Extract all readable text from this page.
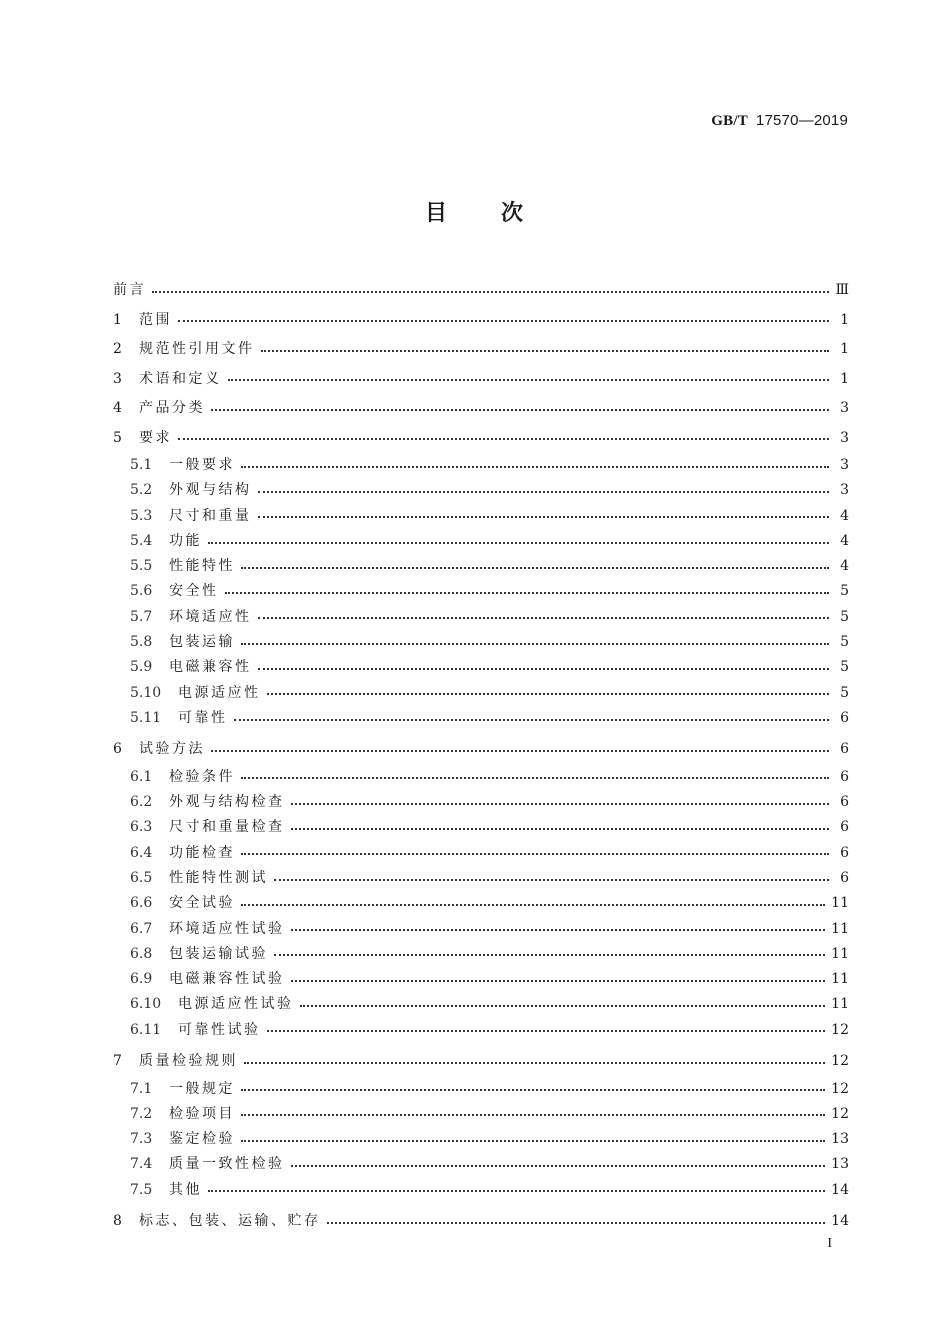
GB/T 17570—2019
目 次
前言	Ⅲ
1	范围	1
2	规范性引用文件	1
3	术语和定义	1
4	产品分类	3
5	要求	3
5.1	一般要求	3
5.2	外观与结构	3
5.3	尺寸和重量	4
5.4	功能	4
5.5	性能特性	4
5.6	安全性	5
5.7	环境适应性	5
5.8	包装运输	5
5.9	电磁兼容性	5
5.10	电源适应性	5
5.11	可靠性	6
6	试验方法	6
6.1	检验条件	6
6.2	外观与结构检查	6
6.3	尺寸和重量检查	6
6.4	功能检查	6
6.5	性能特性测试	6
6.6	安全试验	11
6.7	环境适应性试验	11
6.8	包装运输试验	11
6.9	电磁兼容性试验	11
6.10	电源适应性试验	11
6.11	可靠性试验	12
7	质量检验规则	12
7.1	一般规定	12
7.2	检验项目	12
7.3	鉴定检验	13
7.4	质量一致性检验	13
7.5	其他	14
8	标志、包装、运输、贮存	14
I
